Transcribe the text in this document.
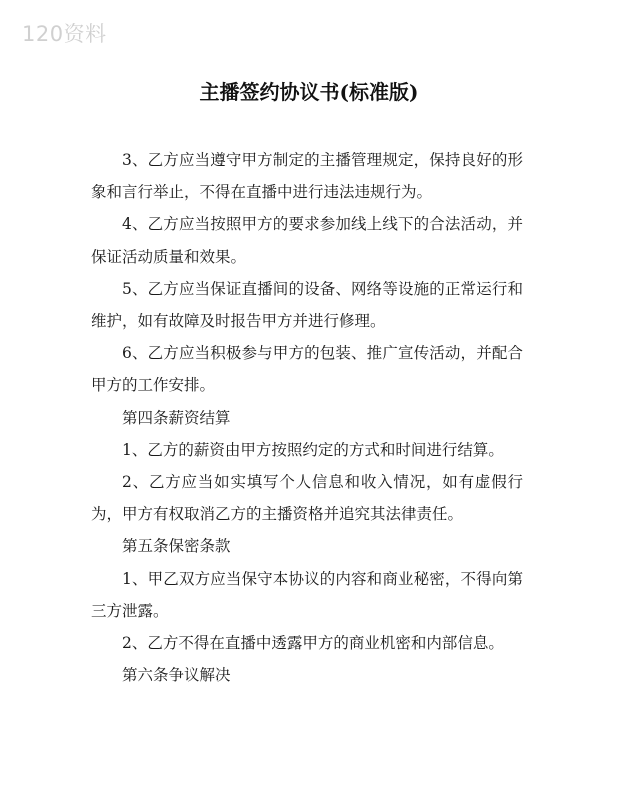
120资料
主播签约协议书(标准版)

3、乙方应当遵守甲方制定的主播管理规定，保持良好的形象和言行举止，不得在直播中进行违法违规行为。

4、乙方应当按照甲方的要求参加线上线下的合法活动，并保证活动质量和效果。

5、乙方应当保证直播间的设备、网络等设施的正常运行和维护，如有故障及时报告甲方并进行修理。

6、乙方应当积极参与甲方的包装、推广宣传活动，并配合甲方的工作安排。

第四条薪资结算

1、乙方的薪资由甲方按照约定的方式和时间进行结算。

2、乙方应当如实填写个人信息和收入情况，如有虚假行为，甲方有权取消乙方的主播资格并追究其法律责任。

第五条保密条款

1、甲乙双方应当保守本协议的内容和商业秘密，不得向第三方泄露。

2、乙方不得在直播中透露甲方的商业机密和内部信息。

第六条争议解决
